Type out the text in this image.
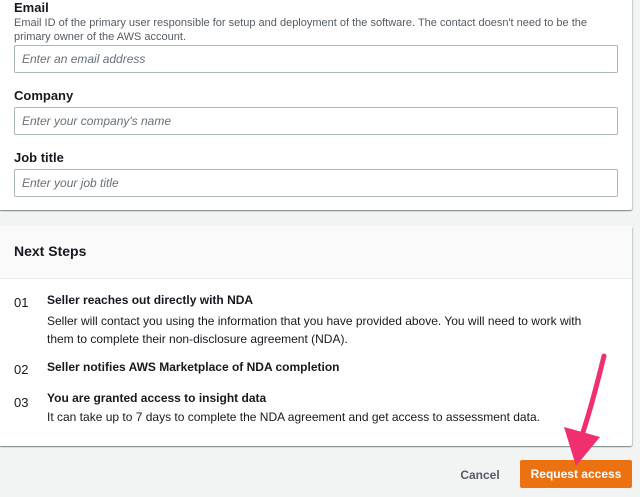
Email
Email ID of the primary user responsible for setup and deployment of the software. The contact doesn't need to be the primary owner of the AWS account.
Enter an email address
Company
Enter your company's name
Job title
Enter your job title
Next Steps
01 Seller reaches out directly with NDA
Seller will contact you using the information that you have provided above. You will need to work with them to complete their non-disclosure agreement (NDA).
02 Seller notifies AWS Marketplace of NDA completion
03 You are granted access to insight data
It can take up to 7 days to complete the NDA agreement and get access to assessment data.
Cancel	Request access
